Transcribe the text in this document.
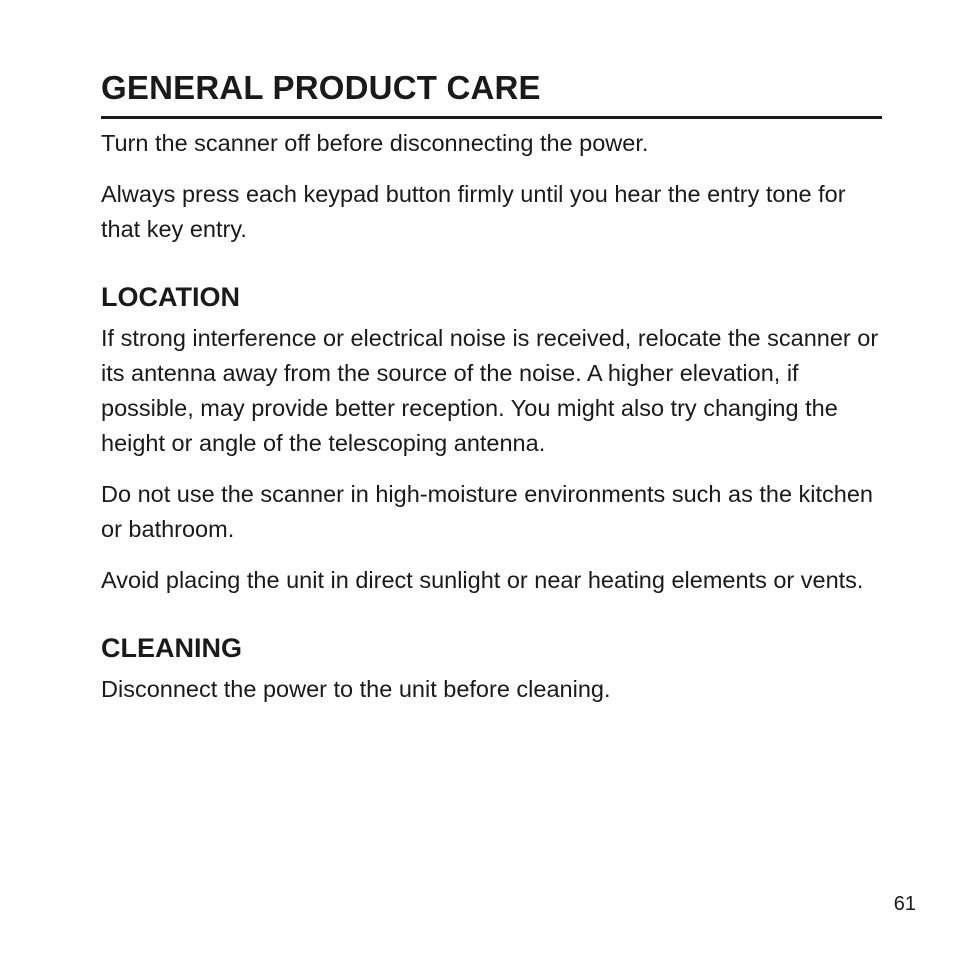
GENERAL PRODUCT CARE

Turn the scanner off before disconnecting the power.

Always press each keypad button firmly until you hear the entry tone for that key entry.

LOCATION

If strong interference or electrical noise is received, relocate the scanner or its antenna away from the source of the noise. A higher elevation, if possible, may provide better reception. You might also try changing the height or angle of the telescoping antenna.

Do not use the scanner in high-moisture environments such as the kitchen or bathroom.

Avoid placing the unit in direct sunlight or near heating elements or vents.

CLEANING

Disconnect the power to the unit before cleaning.

61
